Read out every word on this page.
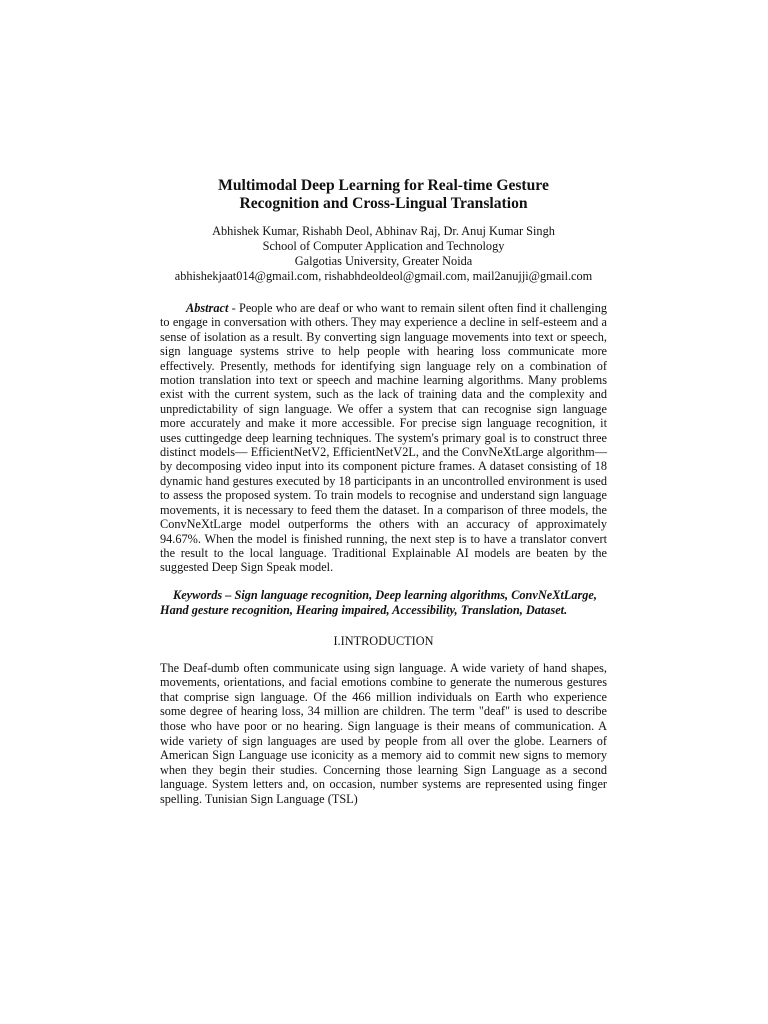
Multimodal Deep Learning for Real-time Gesture
Recognition and Cross-Lingual Translation
Abhishek Kumar, Rishabh Deol, Abhinav Raj, Dr. Anuj Kumar Singh
School of Computer Application and Technology
Galgotias University, Greater Noida
abhishekjaat014@gmail.com, rishabhdeoldeol@gmail.com, mail2anujji@gmail.com
Abstract - People who are deaf or who want to remain silent often find it challenging to engage in conversation with others. They may experience a decline in self-esteem and a sense of isolation as a result. By converting sign language movements into text or speech, sign language systems strive to help people with hearing loss communicate more effectively. Presently, methods for identifying sign language rely on a combination of motion translation into text or speech and machine learning algorithms. Many problems exist with the current system, such as the lack of training data and the complexity and unpredictability of sign language. We offer a system that can recognise sign language more accurately and make it more accessible. For precise sign language recognition, it uses cuttingedge deep learning techniques. The system's primary goal is to construct three distinct models— EfficientNetV2, EfficientNetV2L, and the ConvNeXtLarge algorithm—by decomposing video input into its component picture frames. A dataset consisting of 18 dynamic hand gestures executed by 18 participants in an uncontrolled environment is used to assess the proposed system. To train models to recognise and understand sign language movements, it is necessary to feed them the dataset. In a comparison of three models, the ConvNeXtLarge model outperforms the others with an accuracy of approximately 94.67%. When the model is finished running, the next step is to have a translator convert the result to the local language. Traditional Explainable AI models are beaten by the suggested Deep Sign Speak model.
Keywords – Sign language recognition, Deep learning algorithms, ConvNeXtLarge, Hand gesture recognition, Hearing impaired, Accessibility, Translation, Dataset.
I.INTRODUCTION
The Deaf-dumb often communicate using sign language. A wide variety of hand shapes, movements, orientations, and facial emotions combine to generate the numerous gestures that comprise sign language. Of the 466 million individuals on Earth who experience some degree of hearing loss, 34 million are children. The term "deaf" is used to describe those who have poor or no hearing. Sign language is their means of communication. A wide variety of sign languages are used by people from all over the globe. Learners of American Sign Language use iconicity as a memory aid to commit new signs to memory when they begin their studies. Concerning those learning Sign Language as a second language. System letters and, on occasion, number systems are represented using finger spelling. Tunisian Sign Language (TSL)
